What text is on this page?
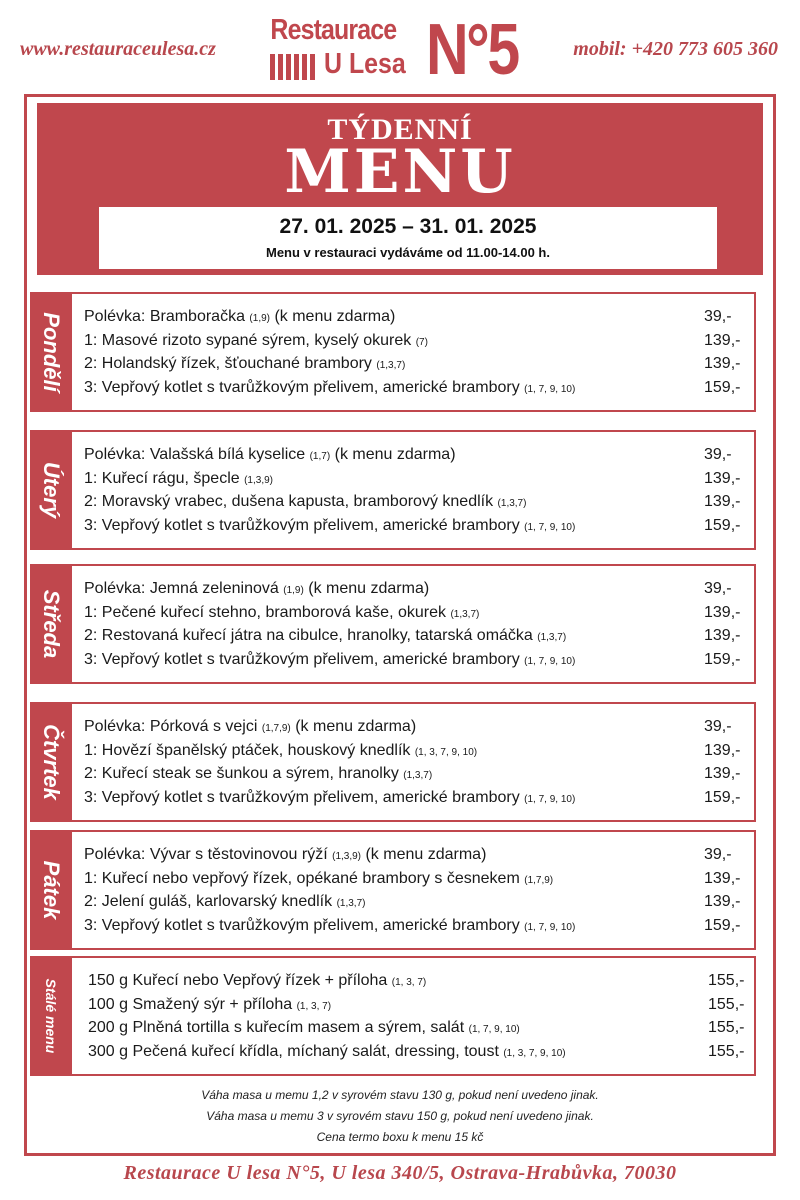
www.restauraceulesa.cz	mobil: +420 773 605 360
Restaurace
U Lesa N°5
TÝDENNÍ
MENU
27. 01. 2025 – 31. 01. 2025
Menu v restauraci vydáváme od 11.00-14.00 h.
Pondělí Polévka: Bramboračka (1,9) (k menu zdarma)	39,-
1: Masové rizoto sypané sýrem, kyselý okurek (7)	139,-
2: Holandský řízek, šťouchané brambory (1,3,7)	139,-
3: Vepřový kotlet s tvarůžkovým přelivem, americké brambory (1, 7, 9, 10)	159,-
Úterý
Polévka: Valašská bílá kyselice (1,7) (k menu zdarma)	39,-
1: Kuřecí rágu, špecle (1,3,9)	139,-
2: Moravský vrabec, dušena kapusta, bramborový knedlík (1,3,7)	139,-
3: Vepřový kotlet s tvarůžkovým přelivem, americké brambory (1, 7, 9, 10)	159,-
Středa
Polévka: Jemná zeleninová (1,9) (k menu zdarma)	39,-
1: Pečené kuřecí stehno, bramborová kaše, okurek (1,3,7)	139,-
2: Restovaná kuřecí játra na cibulce, hranolky, tatarská omáčka (1,3,7)	139,-
3: Vepřový kotlet s tvarůžkovým přelivem, americké brambory (1, 7, 9, 10)	159,-
Čtvrtek Polévka: Pórková s vejci (1,7,9) (k menu zdarma)	39,-
1: Hovězí španělský ptáček, houskový knedlík (1, 3, 7, 9, 10)	139,-
2: Kuřecí steak se šunkou a sýrem, hranolky (1,3,7)	139,-
3: Vepřový kotlet s tvarůžkovým přelivem, americké brambory (1, 7, 9, 10)	159,-
Pátek
Polévka: Vývar s těstovinovou rýží (1,3,9) (k menu zdarma)	39,-
1: Kuřecí nebo vepřový řízek, opékané brambory s česnekem (1,7,9)	139,-
2: Jelení guláš, karlovarský knedlík (1,3,7)	139,-
3: Vepřový kotlet s tvarůžkovým přelivem, americké brambory (1, 7, 9, 10)	159,-
Stálé menu 150 g Kuřecí nebo Vepřový řízek + příloha (1, 3, 7)	155,-
100 g Smažený sýr + příloha (1, 3, 7)	155,-
200 g Plněná tortilla s kuřecím masem a sýrem, salát (1, 7, 9, 10)	155,-
300 g Pečená kuřecí křídla, míchaný salát, dressing, toust (1, 3, 7, 9, 10)	155,-
Váha masa u memu 1,2 v syrovém stavu 130 g, pokud není uvedeno jinak.
Váha masa u memu 3 v syrovém stavu 150 g, pokud není uvedeno jinak.
Cena termo boxu k menu 15 kč
Restaurace U lesa N°5, U lesa 340/5, Ostrava-Hrabůvka, 70030
